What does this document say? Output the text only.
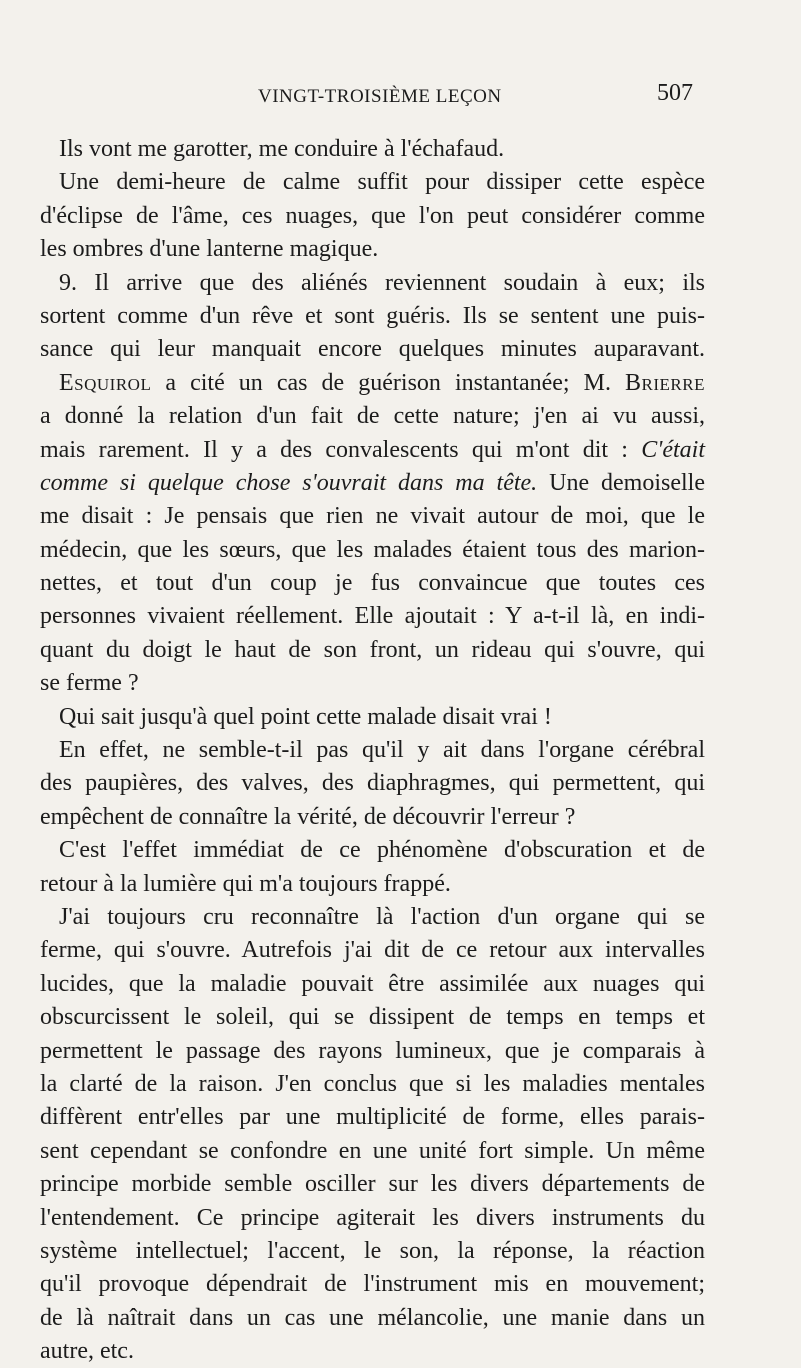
VINGT-TROISIÈME LEÇON	507
Ils vont me garotter, me conduire à l'échafaud.
Une demi-heure de calme suffit pour dissiper cette espèce
d'éclipse de l'âme, ces nuages, que l'on peut considérer comme
les ombres d'une lanterne magique.
9. Il arrive que des aliénés reviennent soudain à eux; ils
sortent comme d'un rêve et sont guéris. Ils se sentent une puis-
sance qui leur manquait encore quelques minutes auparavant.
Esquirol a cité un cas de guérison instantanée; M. Brierre
a donné la relation d'un fait de cette nature; j'en ai vu aussi,
mais rarement. Il y a des convalescents qui m'ont dit : C'était
comme si quelque chose s'ouvrait dans ma tête. Une demoiselle
me disait : Je pensais que rien ne vivait autour de moi, que le
médecin, que les sœurs, que les malades étaient tous des marion-
nettes, et tout d'un coup je fus convaincue que toutes ces
personnes vivaient réellement. Elle ajoutait : Y a-t-il là, en indi-
quant du doigt le haut de son front, un rideau qui s'ouvre, qui
se ferme ?
Qui sait jusqu'à quel point cette malade disait vrai !
En effet, ne semble-t-il pas qu'il y ait dans l'organe cérébral
des paupières, des valves, des diaphragmes, qui permettent, qui
empêchent de connaître la vérité, de découvrir l'erreur ?
C'est l'effet immédiat de ce phénomène d'obscuration et de
retour à la lumière qui m'a toujours frappé.
J'ai toujours cru reconnaître là l'action d'un organe qui se
ferme, qui s'ouvre. Autrefois j'ai dit de ce retour aux intervalles
lucides, que la maladie pouvait être assimilée aux nuages qui
obscurcissent le soleil, qui se dissipent de temps en temps et
permettent le passage des rayons lumineux, que je comparais à
la clarté de la raison. J'en conclus que si les maladies mentales
diffèrent entr'elles par une multiplicité de forme, elles parais-
sent cependant se confondre en une unité fort simple. Un même
principe morbide semble osciller sur les divers départements de
l'entendement. Ce principe agiterait les divers instruments du
système intellectuel; l'accent, le son, la réponse, la réaction
qu'il provoque dépendrait de l'instrument mis en mouvement;
de là naîtrait dans un cas une mélancolie, une manie dans un
autre, etc.
